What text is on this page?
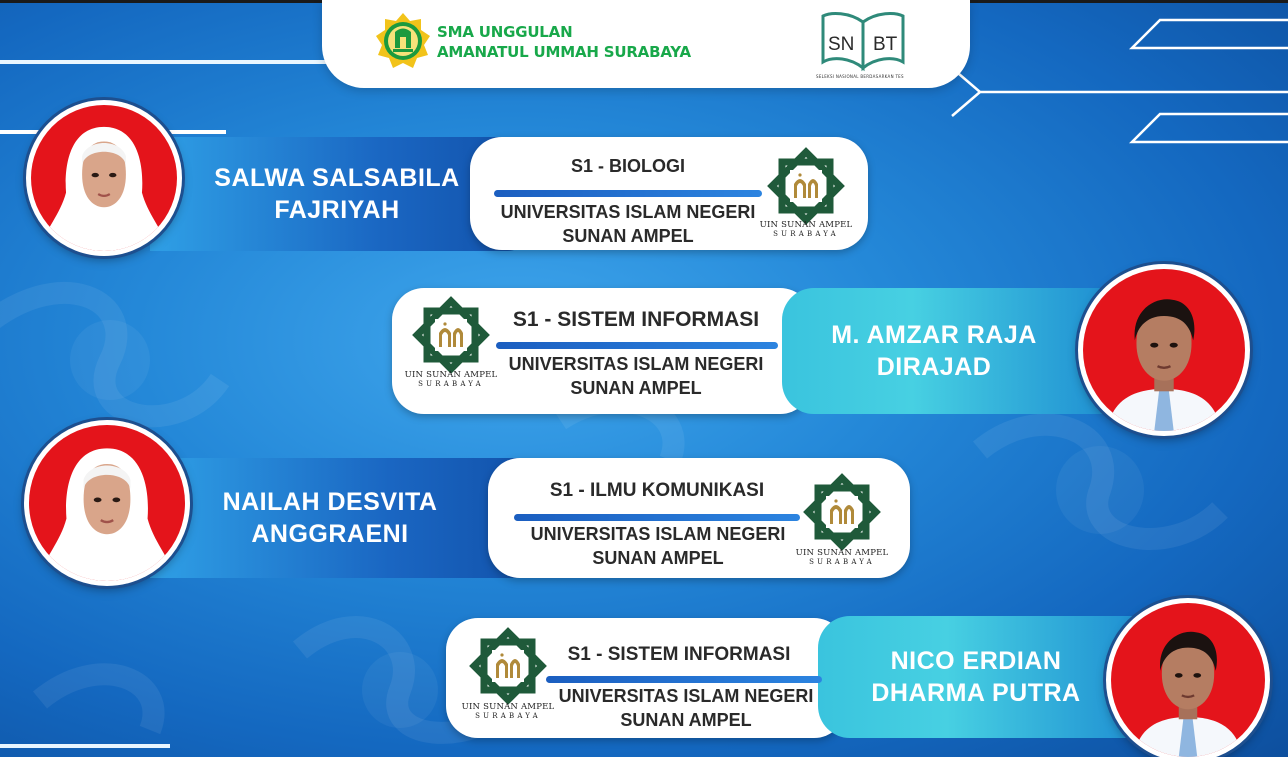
SMA UNGGULAN
AMANATUL UMMAH SURABAYA	SN BT
SELEKSI NASIONAL BERDASARKAN TES
SALWA SALSABILA
FAJRIYAH
S1 - BIOLOGI
UNIVERSITAS ISLAM NEGERI
SUNAN AMPEL
UIN SUNAN AMPEL
SURABAYA
M. AMZAR RAJA
DIRAJAD
UIN SUNAN AMPEL
SURABAYA
S1 - SISTEM INFORMASI
UNIVERSITAS ISLAM NEGERI
SUNAN AMPEL
NAILAH DESVITA
ANGGRAENI
S1 - ILMU KOMUNIKASI
UNIVERSITAS ISLAM NEGERI
SUNAN AMPEL	UIN SUNAN AMPEL
SURABAYA
NICO ERDIAN
DHARMA PUTRA
UIN SUNAN AMPEL
SURABAYA
S1 - SISTEM INFORMASI
UNIVERSITAS ISLAM NEGERI
SUNAN AMPEL
